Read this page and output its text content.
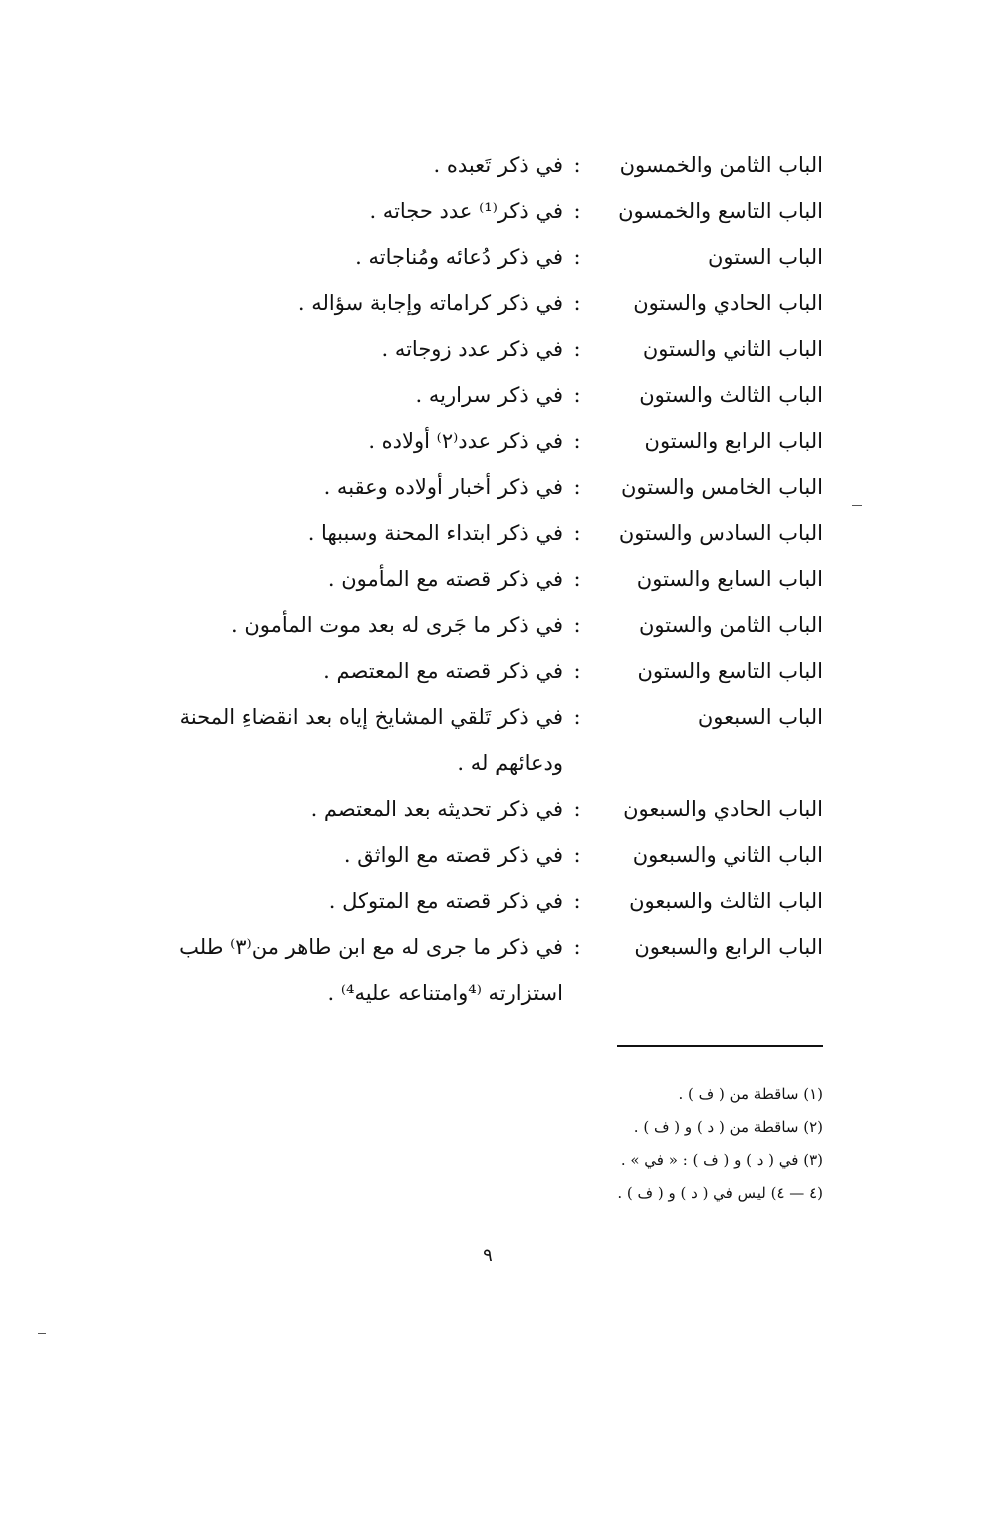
الباب الثامن والخمسون
:
في ذكر تَعبده .
الباب التاسع والخمسون
:
في ذكر⁽¹⁾ عدد حجاته .
الباب الستون
:
في ذكر دُعائه ومُناجاته .
الباب الحادي والستون
:
في ذكر كراماته وإجابة سؤاله .
الباب الثاني والستون
:
في ذكر عدد زوجاته .
الباب الثالث والستون
:
في ذكر سراريه .
الباب الرابع والستون
:
في ذكر عدد⁽٢⁾ أولاده .
الباب الخامس والستون
:
في ذكر أخبار أولاده وعقبه .
الباب السادس والستون
:
في ذكر ابتداء المحنة وسببها .
الباب السابع والستون
:
في ذكر قصته مع المأمون .
الباب الثامن والستون
:
في ذكر ما جَرى له بعد موت المأمون .
الباب التاسع والستون
:
في ذكر قصته مع المعتصم .
الباب السبعون
:
في ذكر تَلقي المشايخ إياه بعد انقضاءِ المحنة ودعائهم له .
الباب الحادي والسبعون
:
في ذكر تحديثه بعد المعتصم .
الباب الثاني والسبعون
:
في ذكر قصته مع الواثق .
الباب الثالث والسبعون
:
في ذكر قصته مع المتوكل .
الباب الرابع والسبعون
:
في ذكر ما جرى له مع ابن طاهر من⁽٣⁾ طلب استزارته ⁽⁴وامتناعه عليه⁴⁾ .
(١) ساقطة من ( ف ) .
(٢) ساقطة من ( د ) و ( ف ) .
(٣) في ( د ) و ( ف ) : « في » .
(٤ — ٤) ليس في ( د ) و ( ف ) .
٩
